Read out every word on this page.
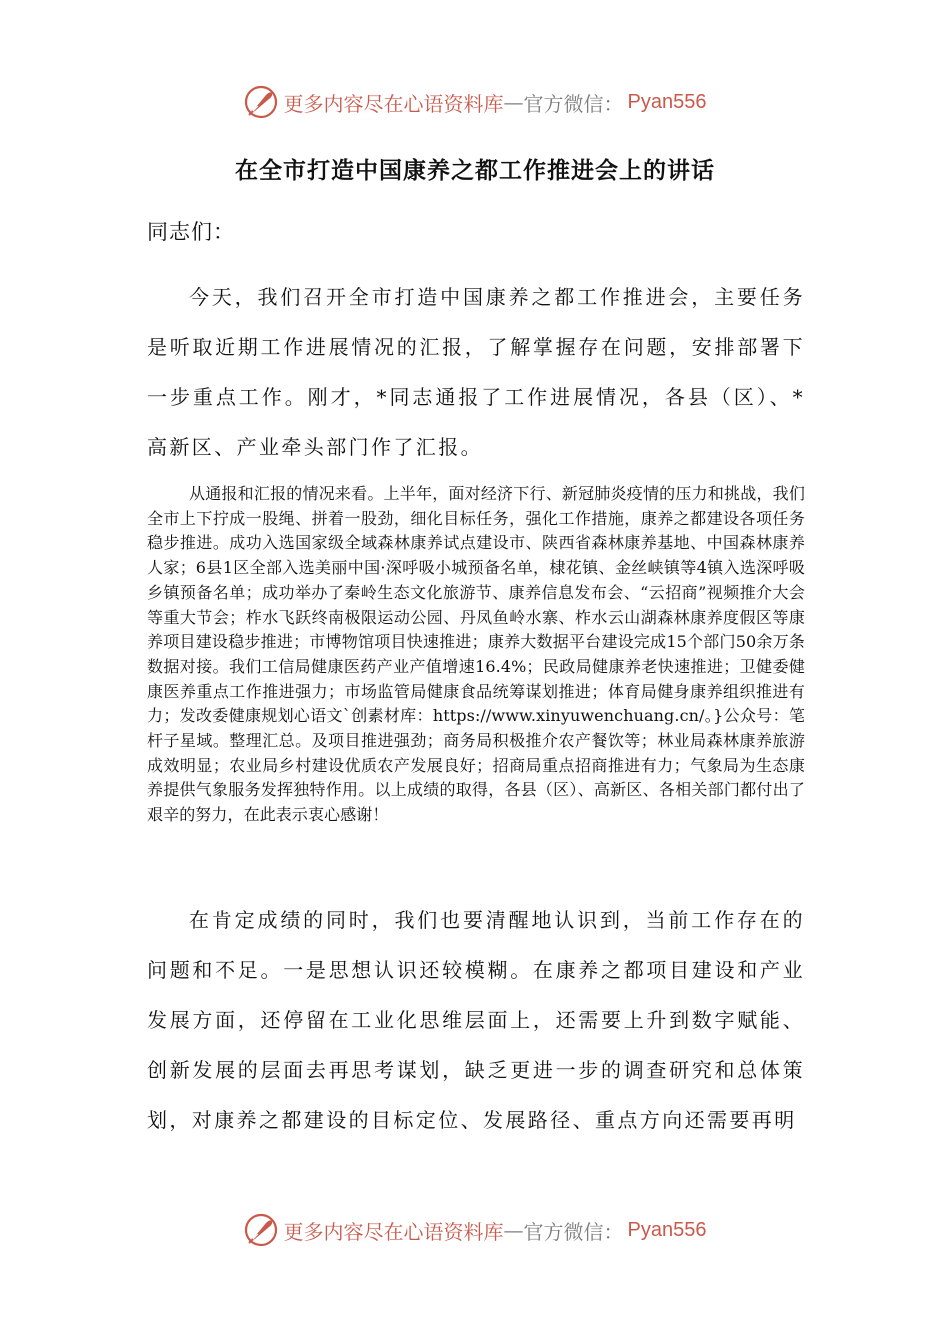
更多内容尽在心语资料库 — 官方微信： Pyan556
在全市打造中国康养之都工作推进会上的讲话

同志们：

今天，我们召开全市打造中国康养之都工作推进会，主要任务是听取近期工作进展情况的汇报，了解掌握存在问题，安排部署下一步重点工作。刚才，*同志通报了工作进展情况，各县（区）、*高新区、产业牵头部门作了汇报。

从通报和汇报的情况来看。上半年，面对经济下行、新冠肺炎疫情的压力和挑战，我们全市上下拧成一股绳、拼着一股劲，细化目标任务，强化工作措施，康养之都建设各项任务稳步推进。成功入选国家级全域森林康养试点建设市、陕西省森林康养基地、中国森林康养人家；6县1区全部入选美丽中国·深呼吸小城预备名单，棣花镇、金丝峡镇等4镇入选深呼吸乡镇预备名单；成功举办了秦岭生态文化旅游节、康养信息发布会、“云招商”视频推介大会等重大节会；柞水飞跃终南极限运动公园、丹凤鱼岭水寨、柞水云山湖森林康养度假区等康养项目建设稳步推进；市博物馆项目快速推进；康养大数据平台建设完成15个部门50余万条数据对接。我们工信局健康医药产业产值增速16.4%；民政局健康养老快速推进；卫健委健康医养重点工作推进强力；市场监管局健康食品统筹谋划推进；体育局健身康养组织推进有力；发改委健康规划心语文`创素材库：https://www.xinyuwenchuang.cn/。}公众号：笔杆子星域。整理汇总。及项目推进强劲；商务局积极推介农产餐饮等；林业局森林康养旅游成效明显；农业局乡村建设优质农产发展良好；招商局重点招商推进有力；气象局为生态康养提供气象服务发挥独特作用。以上成绩的取得，各县（区）、高新区、各相关部门都付出了艰辛的努力，在此表示衷心感谢！

在肯定成绩的同时，我们也要清醒地认识到，当前工作存在的问题和不足。一是思想认识还较模糊。在康养之都项目建设和产业发展方面，还停留在工业化思维层面上，还需要上升到数字赋能、创新发展的层面去再思考谋划，缺乏更进一步的调查研究和总体策划，对康养之都建设的目标定位、发展路径、重点方向还需要再明

更多内容尽在心语资料库 — 官方微信： Pyan556
